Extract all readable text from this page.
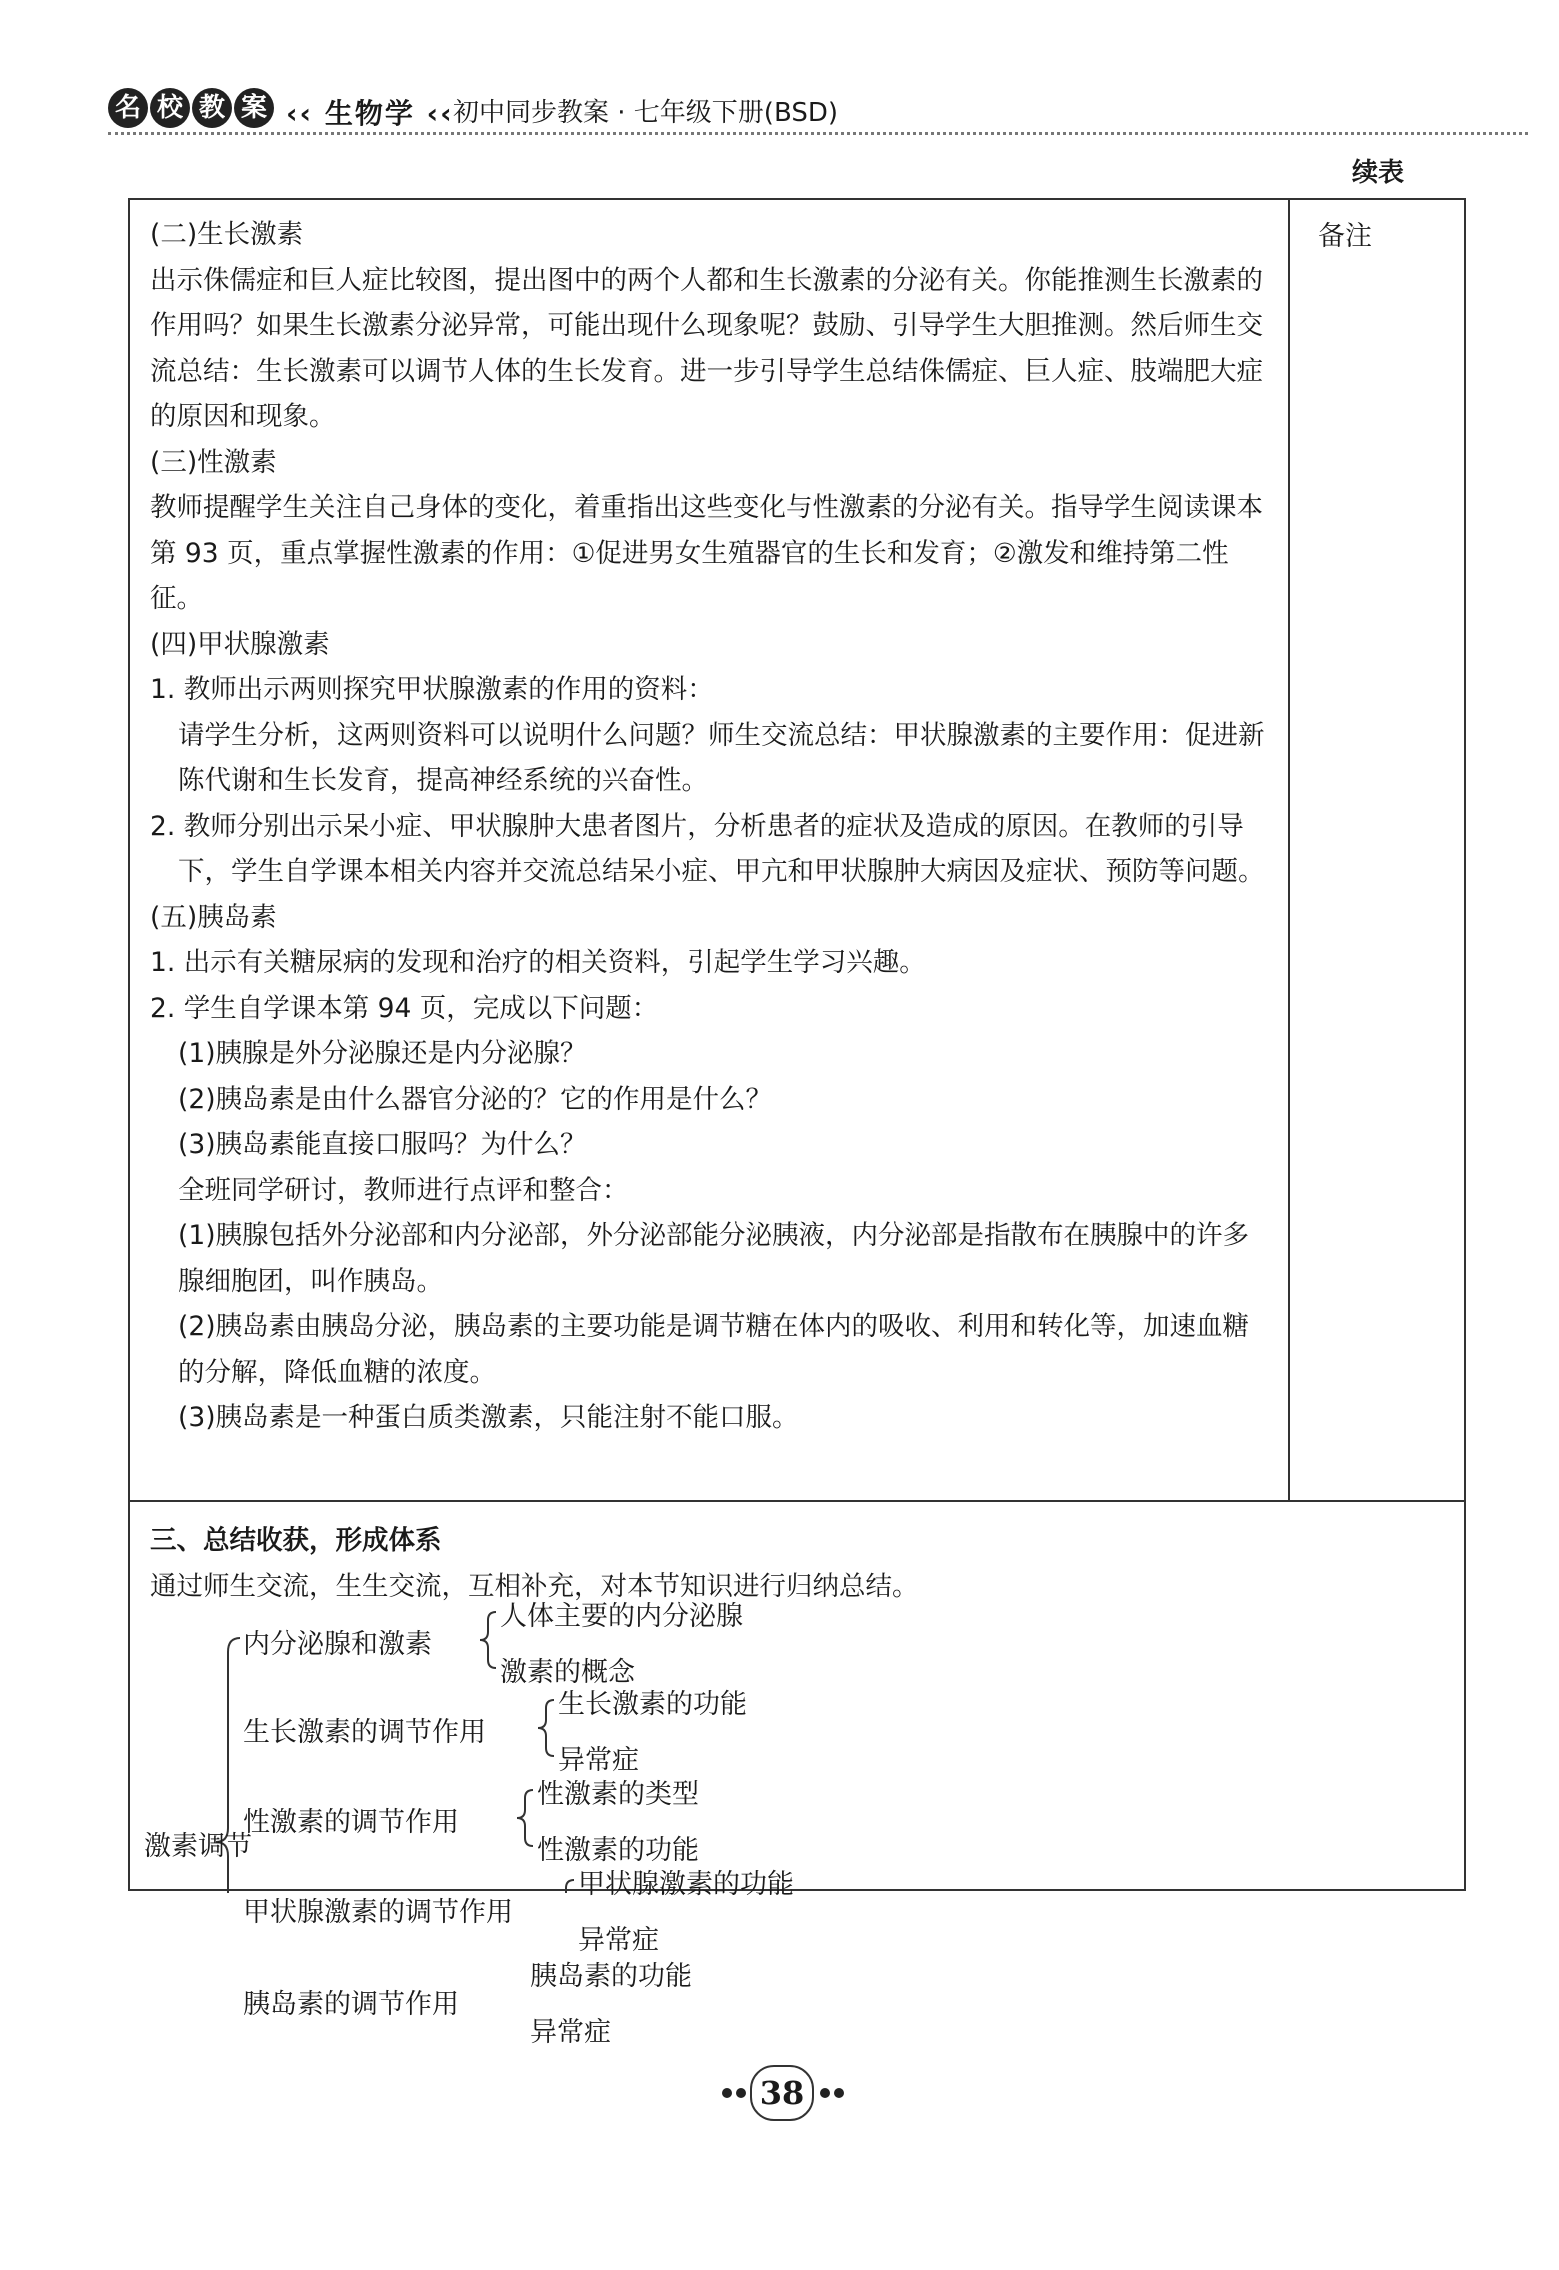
名 校 教 案 ‹‹ 生物学 ‹‹ 初中同步教案 · 七年级下册(BSD)
续表
备注

(二)生长激素

出示侏儒症和巨人症比较图，提出图中的两个人都和生长激素的分泌有关。你能推测生长激素的作用吗？如果生长激素分泌异常，可能出现什么现象呢？鼓励、引导学生大胆推测。然后师生交流总结：生长激素可以调节人体的生长发育。进一步引导学生总结侏儒症、巨人症、肢端肥大症的原因和现象。

(三)性激素

教师提醒学生关注自己身体的变化，着重指出这些变化与性激素的分泌有关。指导学生阅读课本第 93 页，重点掌握性激素的作用：①促进男女生殖器官的生长和发育；②激发和维持第二性征。

(四)甲状腺激素

1. 教师出示两则探究甲状腺激素的作用的资料：

请学生分析，这两则资料可以说明什么问题？师生交流总结：甲状腺激素的主要作用：促进新陈代谢和生长发育，提高神经系统的兴奋性。

2. 教师分别出示呆小症、甲状腺肿大患者图片，分析患者的症状及造成的原因。在教师的引导下，学生自学课本相关内容并交流总结呆小症、甲亢和甲状腺肿大病因及症状、预防等问题。

(五)胰岛素

1. 出示有关糖尿病的发现和治疗的相关资料，引起学生学习兴趣。

2. 学生自学课本第 94 页，完成以下问题：

(1)胰腺是外分泌腺还是内分泌腺？

(2)胰岛素是由什么器官分泌的？它的作用是什么？

(3)胰岛素能直接口服吗？为什么？

全班同学研讨，教师进行点评和整合：

(1)胰腺包括外分泌部和内分泌部，外分泌部能分泌胰液，内分泌部是指散布在胰腺中的许多腺细胞团，叫作胰岛。

(2)胰岛素由胰岛分泌，胰岛素的主要功能是调节糖在体内的吸收、利用和转化等，加速血糖的分解，降低血糖的浓度。

(3)胰岛素是一种蛋白质类激素，只能注射不能口服。

三、总结收获，形成体系

通过师生交流，生生交流，互相补充，对本节知识进行归纳总结。

激素调节
内分泌腺和激素
人体主要的内分泌腺
激素的概念
生长激素的调节作用
生长激素的功能
异常症
性激素的调节作用
性激素的类型
性激素的功能
甲状腺激素的调节作用
甲状腺激素的功能
异常症
胰岛素的调节作用
胰岛素的功能
异常症
38
